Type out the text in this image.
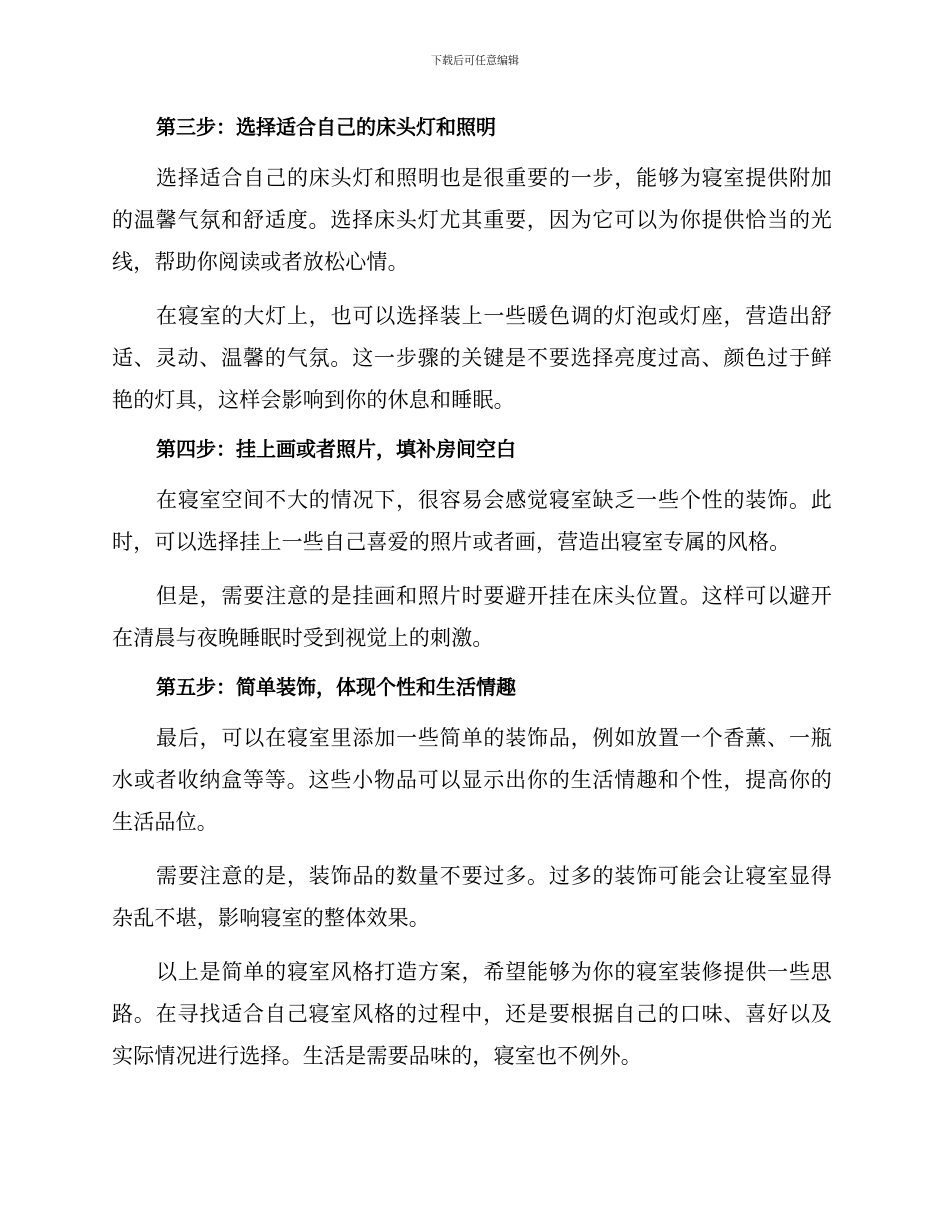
下载后可任意编辑
第三步：选择适合自己的床头灯和照明

选择适合自己的床头灯和照明也是很重要的一步，能够为寝室提供附加的温馨气氛和舒适度。选择床头灯尤其重要，因为它可以为你提供恰当的光线，帮助你阅读或者放松心情。

在寝室的大灯上，也可以选择装上一些暖色调的灯泡或灯座，营造出舒适、灵动、温馨的气氛。这一步骤的关键是不要选择亮度过高、颜色过于鲜艳的灯具，这样会影响到你的休息和睡眠。

第四步：挂上画或者照片，填补房间空白

在寝室空间不大的情况下，很容易会感觉寝室缺乏一些个性的装饰。此时，可以选择挂上一些自己喜爱的照片或者画，营造出寝室专属的风格。

但是，需要注意的是挂画和照片时要避开挂在床头位置。这样可以避开在清晨与夜晚睡眠时受到视觉上的刺激。

第五步：简单装饰，体现个性和生活情趣

最后，可以在寝室里添加一些简单的装饰品，例如放置一个香薰、一瓶水或者收纳盒等等。这些小物品可以显示出你的生活情趣和个性，提高你的生活品位。

需要注意的是，装饰品的数量不要过多。过多的装饰可能会让寝室显得杂乱不堪，影响寝室的整体效果。

以上是简单的寝室风格打造方案，希望能够为你的寝室装修提供一些思路。在寻找适合自己寝室风格的过程中，还是要根据自己的口味、喜好以及实际情况进行选择。生活是需要品味的，寝室也不例外。
